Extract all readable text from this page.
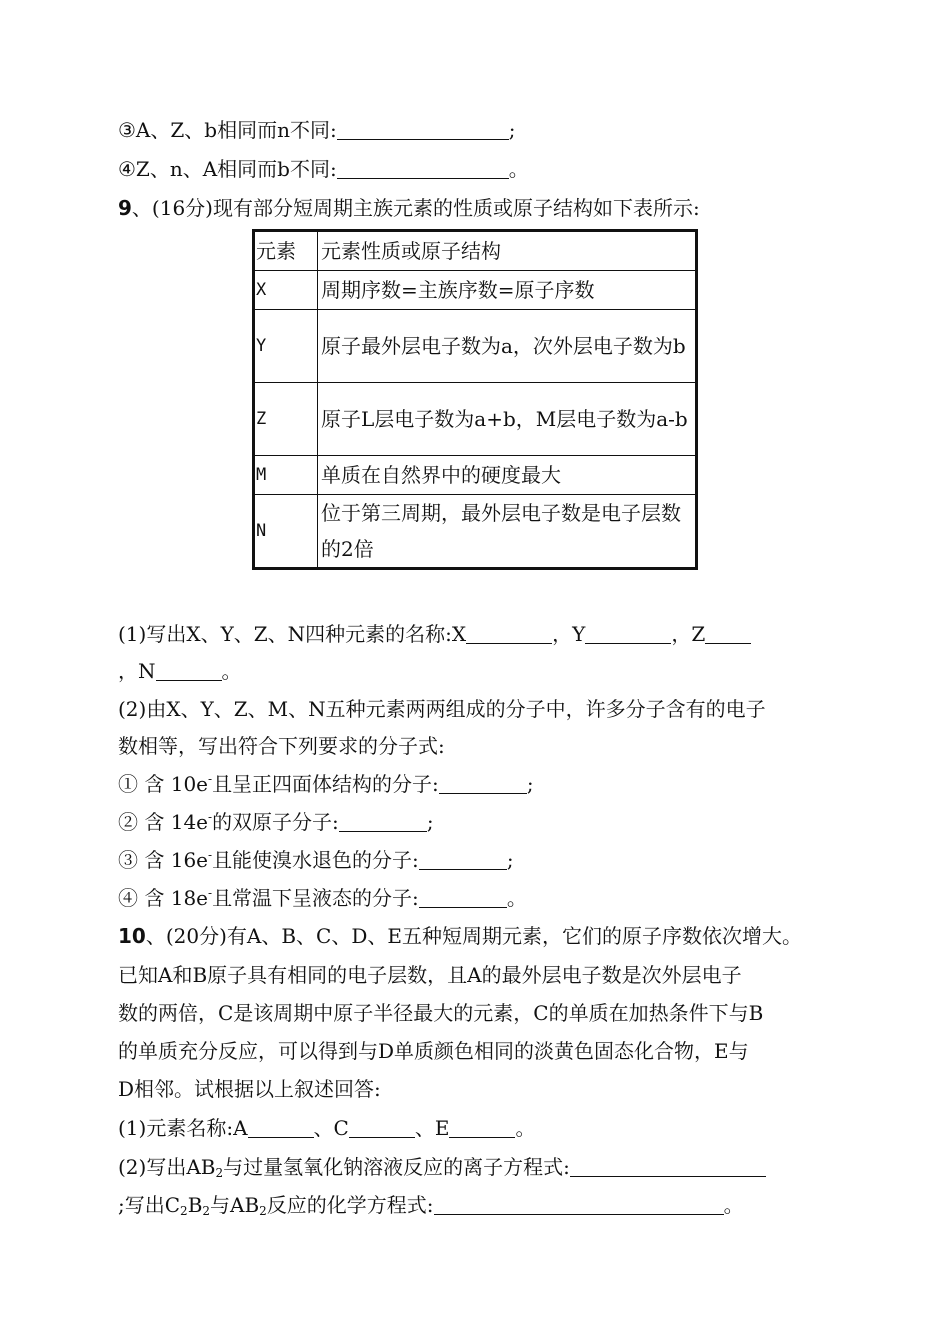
③A、Z、b相同而n不同:	;
④Z、n、A相同而b不同:	。
9、(16分)现有部分短周期主族元素的性质或原子结构如下表所示:
元素	元素性质或原子结构
X	周期序数=主族序数=原子序数
Y	原子最外层电子数为a，次外层电子数为b
Z	原子L层电子数为a+b，M层电子数为a-b
M	单质在自然界中的硬度最大
N	位于第三周期，最外层电子数是电子层数的2倍
(1)写出X、Y、Z、N四种元素的名称:X	，Y	，Z
，N	。
(2)由X、Y、Z、M、N五种元素两两组成的分子中，许多分子含有的电子
数相等，写出符合下列要求的分子式:
① 含 10e-且呈正四面体结构的分子:	;
② 含 14e-的双原子分子:	;
③ 含 16e-且能使溴水退色的分子:	;
④ 含 18e-且常温下呈液态的分子:	。
10、(20分)有A、B、C、D、E五种短周期元素，它们的原子序数依次增大。
已知A和B原子具有相同的电子层数，且A的最外层电子数是次外层电子
数的两倍，C是该周期中原子半径最大的元素，C的单质在加热条件下与B
的单质充分反应，可以得到与D单质颜色相同的淡黄色固态化合物，E与
D相邻。试根据以上叙述回答:
(1)元素名称:A	、C	、E	。
(2)写出$AB_2$与过量氢氧化钠溶液反应的离子方程式:
;写出$C_2B_2$与$AB_2$反应的化学方程式:	。
